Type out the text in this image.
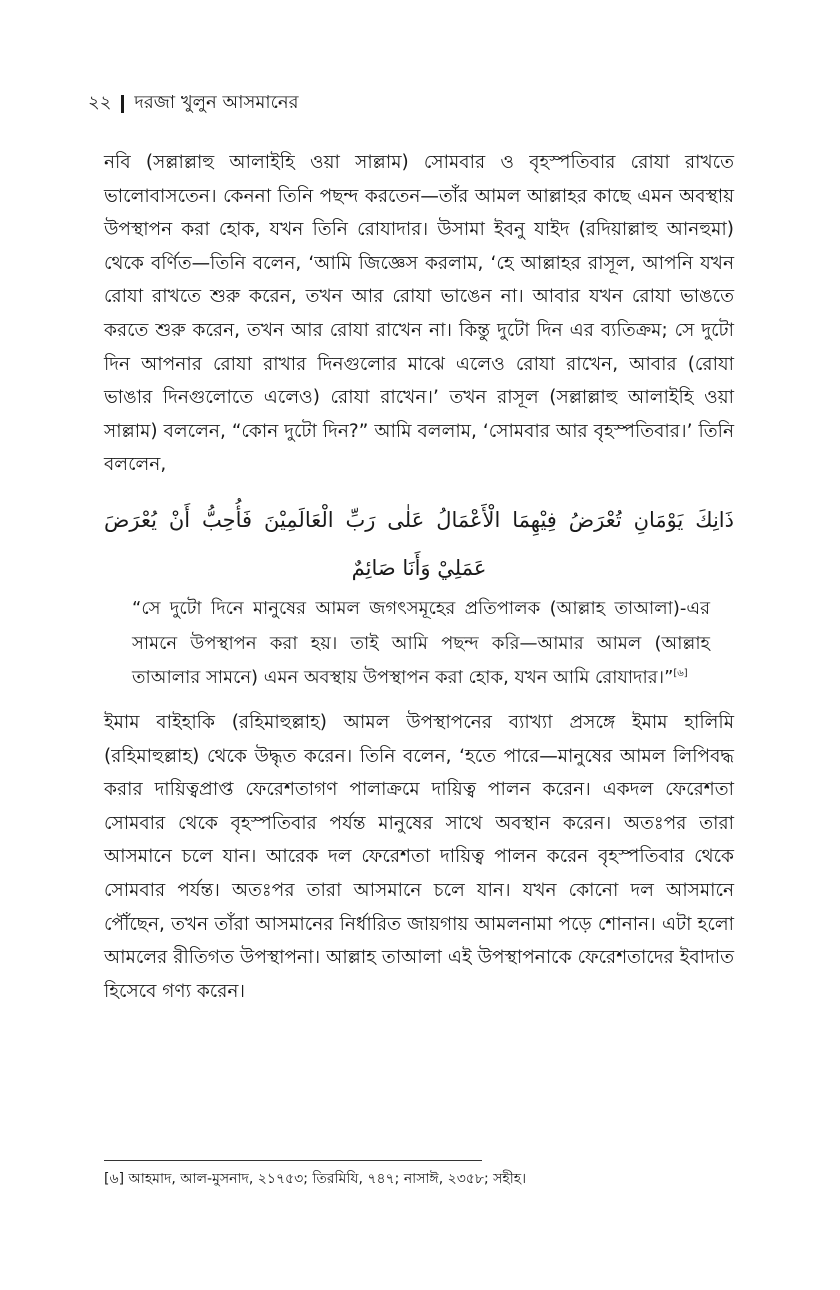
২২ দরজা খুলুন আসমানের

নবি (সল্লাল্লাহু আলাইহি ওয়া সাল্লাম) সোমবার ও বৃহস্পতিবার রোযা রাখতে ভালোবাসতেন। কেননা তিনি পছন্দ করতেন—তাঁর আমল আল্লাহর কাছে এমন অবস্থায় উপস্থাপন করা হোক, যখন তিনি রোযাদার। উসামা ইবনু যাইদ (রদিয়াল্লাহু আনহুমা) থেকে বর্ণিত—তিনি বলেন, ‘আমি জিজ্ঞেস করলাম, ‘হে আল্লাহর রাসূল, আপনি যখন রোযা রাখতে শুরু করেন, তখন আর রোযা ভাঙেন না। আবার যখন রোযা ভাঙতে করতে শুরু করেন, তখন আর রোযা রাখেন না। কিন্তু দুটো দিন এর ব্যতিক্রম; সে দুটো দিন আপনার রোযা রাখার দিনগুলোর মাঝে এলেও রোযা রাখেন, আবার (রোযা ভাঙার দিনগুলোতে এলেও) রোযা রাখেন।’ তখন রাসূল (সল্লাল্লাহু আলাইহি ওয়া সাল্লাম) বললেন, “কোন দুটো দিন?” আমি বললাম, ‘সোমবার আর বৃহস্পতিবার।’ তিনি বললেন,

ذَانِكَ يَوْمَانِ تُعْرَضُ فِيْهِمَا الْأَعْمَالُ عَلٰى رَبِّ الْعَالَمِيْنَ فَأُحِبُّ أَنْ يُعْرَضَ عَمَلِيْ وَأَنَا صَائِمٌ

“সে দুটো দিনে মানুষের আমল জগৎসমূহের প্রতিপালক (আল্লাহ তাআলা)-এর সামনে উপস্থাপন করা হয়। তাই আমি পছন্দ করি—আমার আমল (আল্লাহ তাআলার সামনে) এমন অবস্থায় উপস্থাপন করা হোক, যখন আমি রোযাদার।”[৬]

ইমাম বাইহাকি (রহিমাহুল্লাহ) আমল উপস্থাপনের ব্যাখ্যা প্রসঙ্গে ইমাম হালিমি (রহিমাহুল্লাহ) থেকে উদ্ধৃত করেন। তিনি বলেন, ‘হতে পারে—মানুষের আমল লিপিবদ্ধ করার দায়িত্বপ্রাপ্ত ফেরেশতাগণ পালাক্রমে দায়িত্ব পালন করেন। একদল ফেরেশতা সোমবার থেকে বৃহস্পতিবার পর্যন্ত মানুষের সাথে অবস্থান করেন। অতঃপর তারা আসমানে চলে যান। আরেক দল ফেরেশতা দায়িত্ব পালন করেন বৃহস্পতিবার থেকে সোমবার পর্যন্ত। অতঃপর তারা আসমানে চলে যান। যখন কোনো দল আসমানে পৌঁছেন, তখন তাঁরা আসমানের নির্ধারিত জায়গায় আমলনামা পড়ে শোনান। এটা হলো আমলের রীতিগত উপস্থাপনা। আল্লাহ তাআলা এই উপস্থাপনাকে ফেরেশতাদের ইবাদাত হিসেবে গণ্য করেন।

[৬] আহমাদ, আল-মুসনাদ, ২১৭৫৩; তিরমিযি, ৭৪৭; নাসাঈ, ২৩৫৮; সহীহ।
